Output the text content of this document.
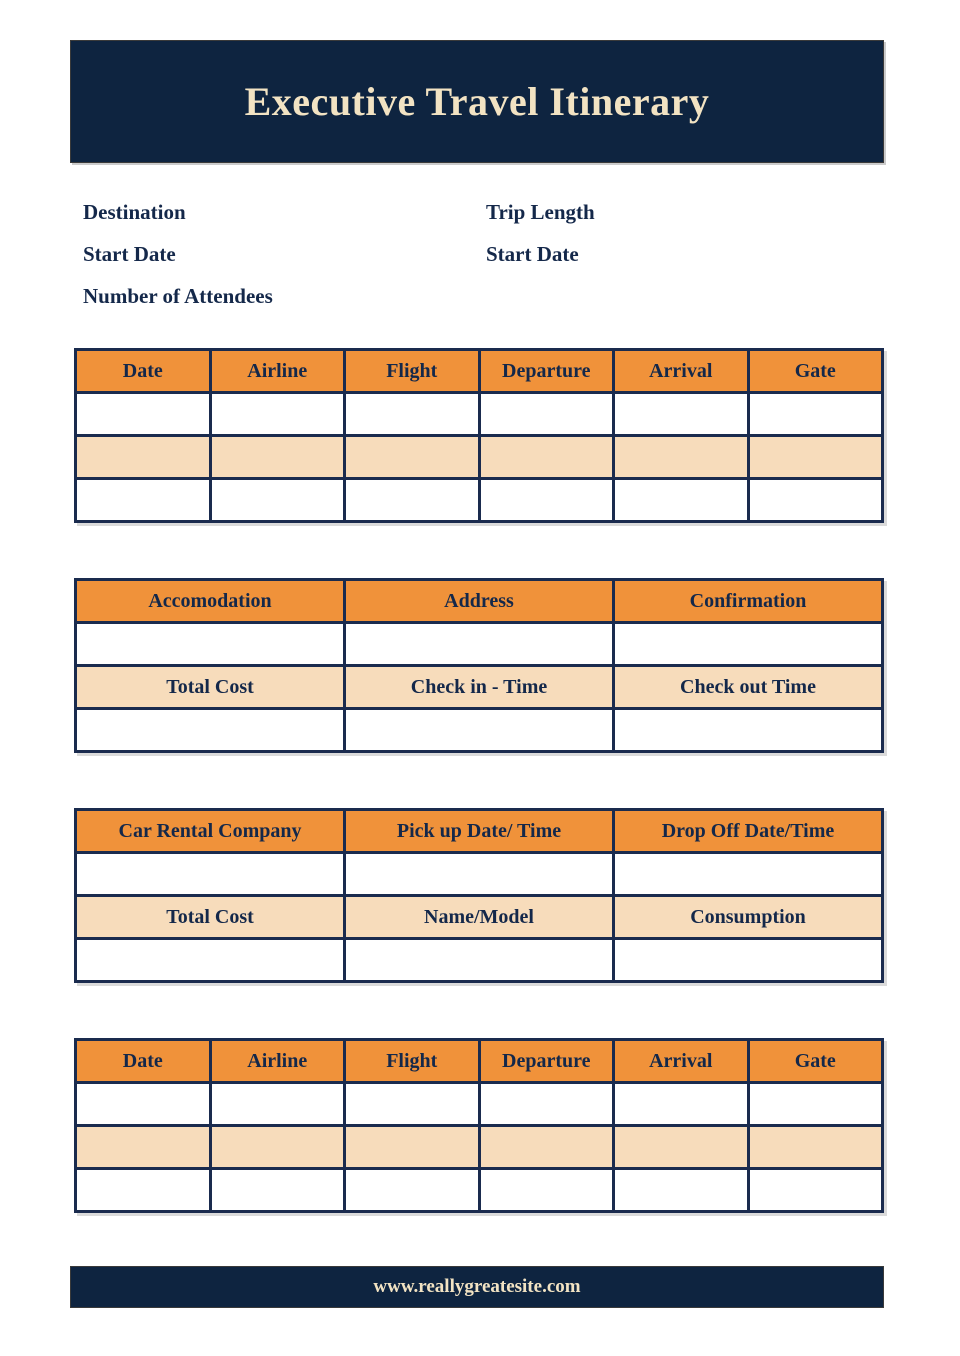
Executive Travel Itinerary
Destination
Start Date
Number of Attendees
Trip Length
Start Date
Date	Airline	Flight	Departure	Arrival	Gate

Accomodation	Address	Confirmation

Total Cost	Check in - Time	Check out Time

Car Rental Company	Pick up Date/ Time	Drop Off Date/Time

Total Cost	Name/Model	Consumption

Date	Airline	Flight	Departure	Arrival	Gate

www.reallygreatesite.com
